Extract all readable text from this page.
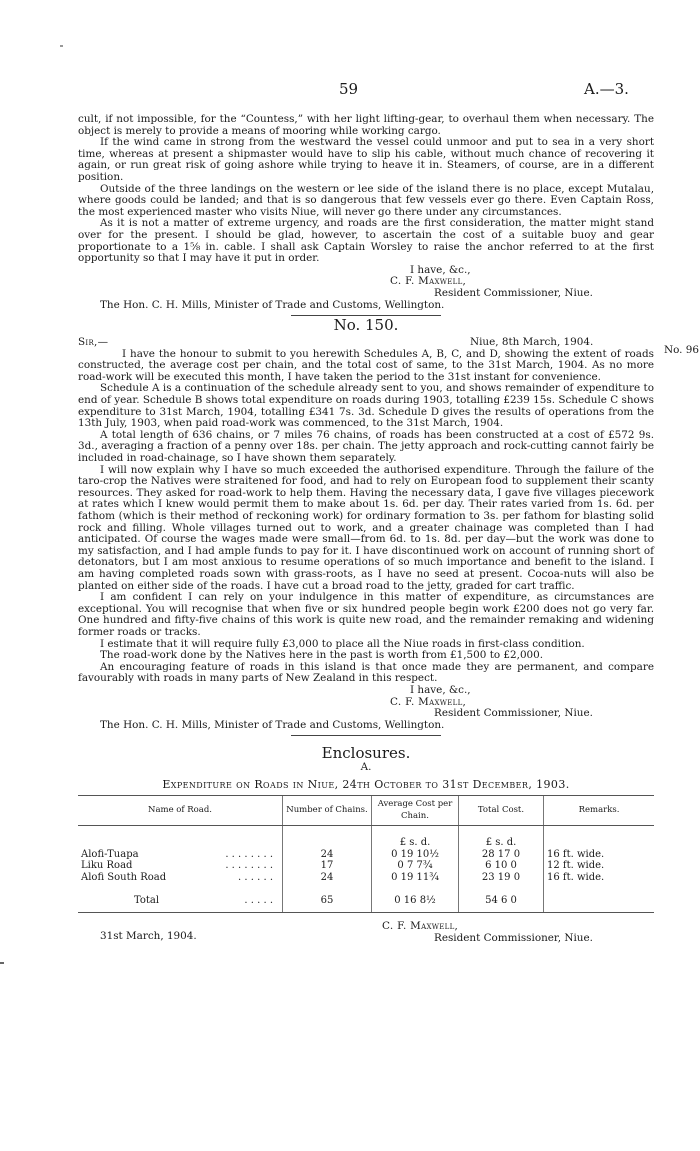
59	A.—3.
No. 96

cult, if not impossible, for the “Countess,” with her light lifting-gear, to overhaul them when necessary. The object is merely to provide a means of mooring while working cargo.

If the wind came in strong from the westward the vessel could unmoor and put to sea in a very short time, whereas at present a shipmaster would have to slip his cable, without much chance of recovering it again, or run great risk of going ashore while trying to heave it in. Steamers, of course, are in a different position.

Outside of the three landings on the western or lee side of the island there is no place, except Mutalau, where goods could be landed; and that is so dangerous that few vessels ever go there. Even Captain Ross, the most experienced master who visits Niue, will never go there under any circumstances.

As it is not a matter of extreme urgency, and roads are the first consideration, the matter might stand over for the present. I should be glad, however, to ascertain the cost of a suitable buoy and gear proportionate to a 1⅝ in. cable. I shall ask Captain Worsley to raise the anchor referred to at the first opportunity so that I may have it put in order.

I have, &c.,

C. F. Maxwell,

Resident Commissioner, Niue.

The Hon. C. H. Mills, Minister of Trade and Customs, Wellington.

No. 150.
Sir,—	Niue, 8th March, 1904.

I have the honour to submit to you herewith Schedules A, B, C, and D, showing the extent of roads constructed, the average cost per chain, and the total cost of same, to the 31st March, 1904. As no more road-work will be executed this month, I have taken the period to the 31st instant for convenience.

Schedule A is a continuation of the schedule already sent to you, and shows remainder of expenditure to end of year. Schedule B shows total expenditure on roads during 1903, totalling £239 15s. Schedule C shows expenditure to 31st March, 1904, totalling £341 7s. 3d. Schedule D gives the results of operations from the 13th July, 1903, when paid road-work was commenced, to the 31st March, 1904.

A total length of 636 chains, or 7 miles 76 chains, of roads has been constructed at a cost of £572 9s. 3d., averaging a fraction of a penny over 18s. per chain. The jetty approach and rock-cutting cannot fairly be included in road-chainage, so I have shown them separately.

I will now explain why I have so much exceeded the authorised expenditure. Through the failure of the taro-crop the Natives were straitened for food, and had to rely on European food to supplement their scanty resources. They asked for road-work to help them. Having the necessary data, I gave five villages piecework at rates which I knew would permit them to make about 1s. 6d. per day. Their rates varied from 1s. 6d. per fathom (which is their method of reckoning work) for ordinary formation to 3s. per fathom for blasting solid rock and filling. Whole villages turned out to work, and a greater chainage was completed than I had anticipated. Of course the wages made were small—from 6d. to 1s. 8d. per day—but the work was done to my satisfaction, and I had ample funds to pay for it. I have discontinued work on account of running short of detonators, but I am most anxious to resume operations of so much importance and benefit to the island. I am having completed roads sown with grass-roots, as I have no seed at present. Cocoa-nuts will also be planted on either side of the roads. I have cut a broad road to the jetty, graded for cart traffic.

I am confident I can rely on your indulgence in this matter of expenditure, as circumstances are exceptional. You will recognise that when five or six hundred people begin work £200 does not go very far. One hundred and fifty-five chains of this work is quite new road, and the remainder remaking and widening former roads or tracks.

I estimate that it will require fully £3,000 to place all the Niue roads in first-class condition.

The road-work done by the Natives here in the past is worth from £1,500 to £2,000.

An encouraging feature of roads in this island is that once made they are permanent, and compare favourably with roads in many parts of New Zealand in this respect.

I have, &c.,

C. F. Maxwell,

Resident Commissioner, Niue.

The Hon. C. H. Mills, Minister of Trade and Customs, Wellington.

Enclosures.
A.
Expenditure on Roads in Niue, 24th October to 31st December, 1903.
Name of Road.	Number of Chains.	Average Cost per Chain.	Total Cost.	Remarks.

		£ s. d.	£ s. d.	
Alofi-Tuapa . . . . . . . .	24	0 19 10½	28 17 0	16 ft. wide.
Liku Road . . . . . . . .	17	0 7 7¾	6 10 0	12 ft. wide.
Alofi South Road . . . . . .	24	0 19 11¾	23 19 0	16 ft. wide.

Total . . . . .	65	0 16 8½	54 6 0	
31st March, 1904.
C. F. Maxwell,
Resident Commissioner, Niue.
